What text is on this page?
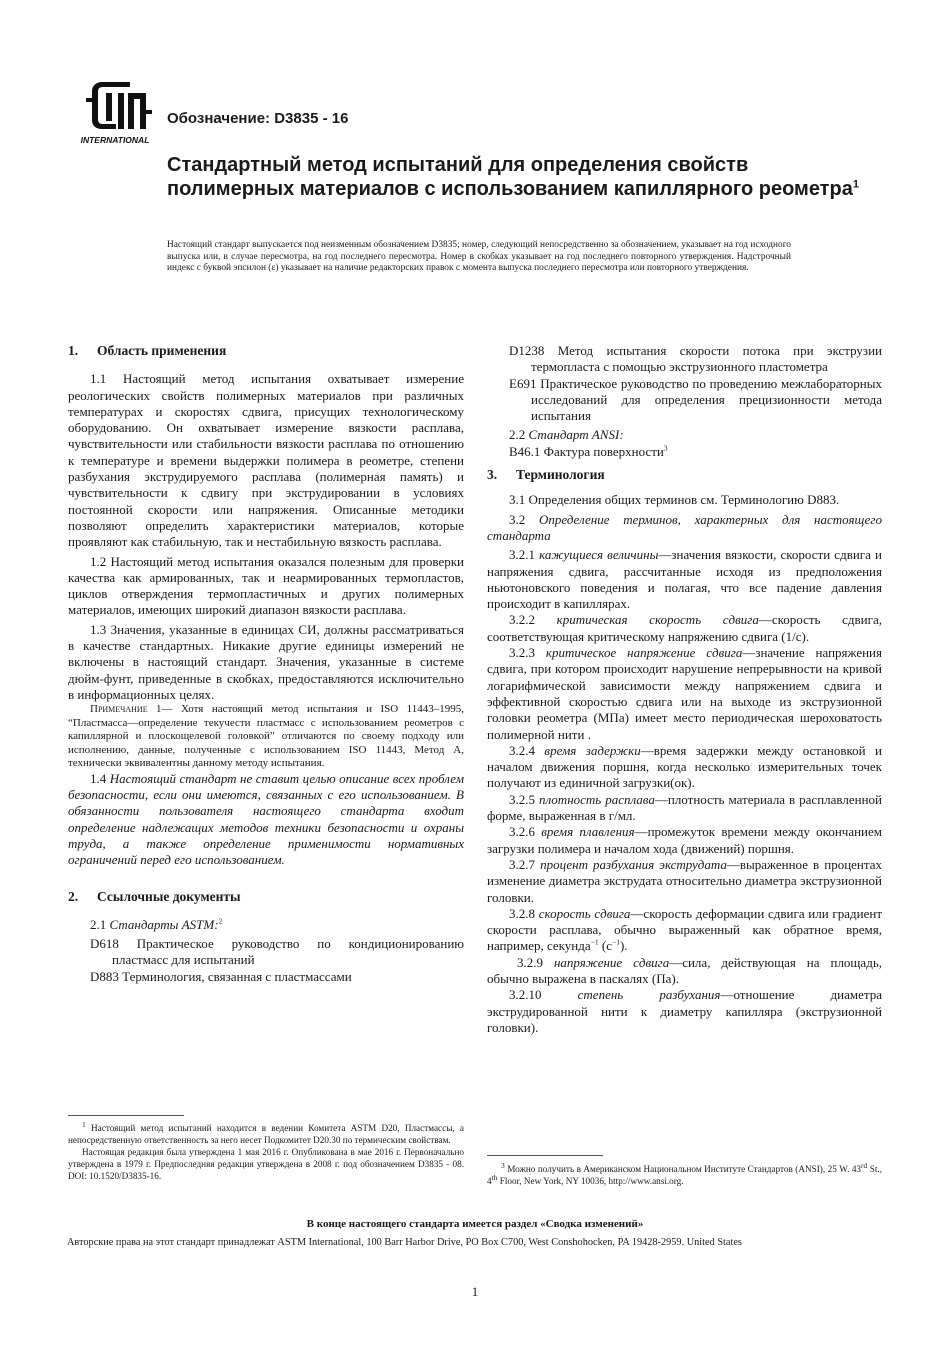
INTERNATIONAL
Обозначение: D3835 - 16
Стандартный метод испытаний для определения свойств полимерных материалов с использованием капиллярного реометра$^1$
Настоящий стандарт выпускается под неизменным обозначением D3835; номер, следующий непосредственно за обозначением, указывает на год исходного выпуска или, в случае пересмотра, на год последнего пересмотра. Номер в скобках указывает на год последнего повторного утверждения. Надстрочный индекс с буквой эпсилон (ε) указывает на наличие редакторских правок с момента выпуска последнего пересмотра или повторного утверждения.
1. Область применения

1.1 Настоящий метод испытания охватывает измерение реологических свойств полимерных материалов при различных температурах и скоростях сдвига, присущих технологическому оборудованию. Он охватывает измерение вязкости расплава, чувствительности или стабильности вязкости расплава по отношению к температуре и времени выдержки полимера в реометре, степени разбухания экструдируемого расплава (полимерная память) и чувствительности к сдвигу при экструдировании в условиях постоянной скорости или напряжения. Описанные методики позволяют определить характеристики материалов, которые проявляют как стабильную, так и нестабильную вязкость расплава.

1.2 Настоящий метод испытания оказался полезным для проверки качества как армированных, так и неармированных термопластов, циклов отверждения термопластичных и других полимерных материалов, имеющих широкий диапазон вязкости расплава.

1.3 Значения, указанные в единицах СИ, должны рассматриваться в качестве стандартных. Никакие другие единицы измерений не включены в настоящий стандарт. Значения, указанные в системе дюйм-фунт, приведенные в скобках, предоставляются исключительно в информационных целях.

Примечание 1— Хотя настоящий метод испытания и ISO 11443–1995, “Пластмасса—определение текучести пластмасс с использованием реометров с капиллярной и плоскощелевой головкой” отличаются по своему подходу или исполнению, данные, полученные с использованием ISO 11443, Метод A, технически эквивалентны данному методу испытания.

1.4 Настоящий стандарт не ставит целью описание всех проблем безопасности, если они имеются, связанных с его использованием. В обязанности пользователя настоящего стандарта входит определение надлежащих методов техники безопасности и охраны труда, а также определение применимости нормативных ограничений перед его использованием.

2. Ссылочные документы

2.1 Стандарты ASTM:$^2$

D618 Практическое руководство по кондиционированию пластмасс для испытаний

D883 Терминология, связанная с пластмассами

D1238 Метод испытания скорости потока при экструзии термопласта с помощью экструзионного пластометра

E691 Практическое руководство по проведению межлабораторных исследований для определения прецизионности метода испытания

2.2 Стандарт ANSI:

B46.1 Фактура поверхности$^3$

3. Терминология

3.1 Определения общих терминов см. Терминологию D883.

3.2 Определение терминов, характерных для настоящего стандарта

3.2.1 кажущиеся величины—значения вязкости, скорости сдвига и напряжения сдвига, рассчитанные исходя из предположения ньютоновского поведения и полагая, что все падение давления происходит в капиллярах.

3.2.2 критическая скорость сдвига—скорость сдвига, соответствующая критическому напряжению сдвига (1/с).

3.2.3 критическое напряжение сдвига—значение напряжения сдвига, при котором происходит нарушение непрерывности на кривой логарифмической зависимости между напряжением сдвига и эффективной скоростью сдвига или на выходе из экструзионной головки реометра (МПа) имеет место периодическая шероховатость полимерной нити .

3.2.4 время задержки—время задержки между остановкой и началом движения поршня, когда несколько измерительных точек получают из единичной загрузки(ок).

3.2.5 плотность расплава—плотность материала в расплавленной форме, выраженная в г/мл.

3.2.6 время плавления—промежуток времени между окончанием загрузки полимера и началом хода (движений) поршня.

3.2.7 процент разбухания экструдата—выраженное в процентах изменение диаметра экструдата относительно диаметра экструзионной головки.

3.2.8 скорость сдвига—скорость деформации сдвига или градиент скорости расплава, обычно выраженный как обратное время, например, секунда$^{-1}$ $(с^{-1})$.

3.2.9 напряжение сдвига—сила, действующая на площадь, обычно выражена в паскалях (Па).

3.2.10	степень разбухания—отношение диаметра экструдированной нити к диаметру капилляра (экструзионной головки).

$^1$ Настоящий метод испытаний находится в ведении Комитета ASTM D20, Пластмассы, а непосредственную ответственность за него несет Подкомитет D20.30 по термическим свойствам.

Настоящая редакция была утверждена 1 мая 2016 г. Опубликована в мае 2016 г. Первоначально утверждена в 1979 г. Предпоследняя редакция утверждена в 2008 г. под обозначением D3835 - 08. DOI: 10.1520/D3835-16.

$^3$ Можно получить в Американском Национальном Институте Стандартов (ANSI), 25 W. 43rd St., 4th Floor, New York, NY 10036, http://www.ansi.org.

В конце настоящего стандарта имеется раздел «Сводка изменений»
Авторские права на этот стандарт принадлежат ASTM International, 100 Barr Harbor Drive, PO Box C700, West Conshohocken, PA 19428-2959. United States
1
